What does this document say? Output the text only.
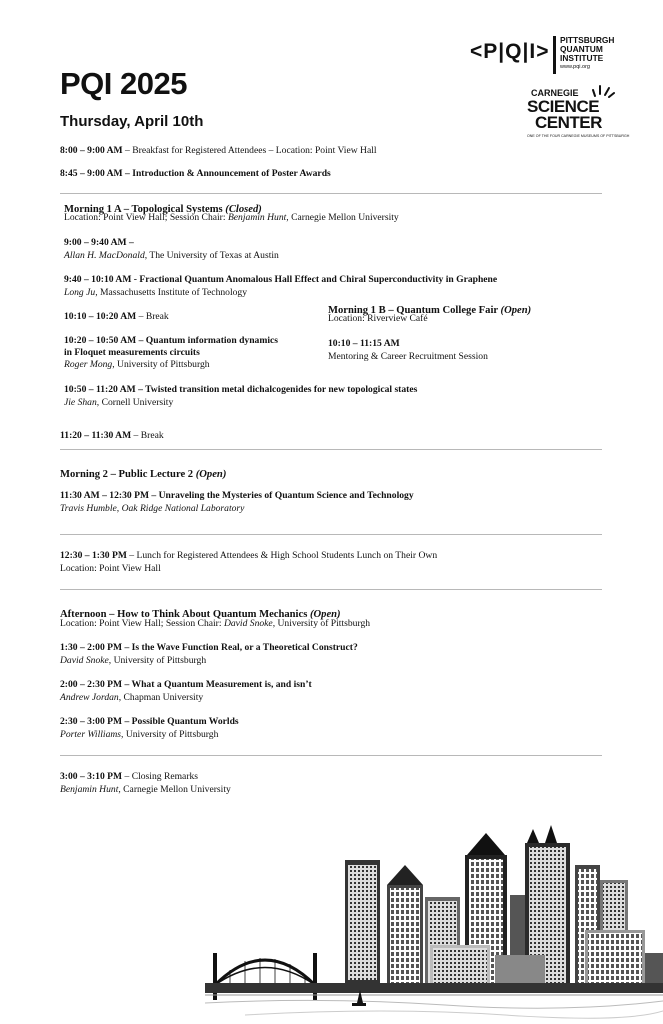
<P|Q|I> PITTSBURGH
QUANTUM
INSTITUTE
www.pqi.org
CARNEGIE
SCIENCE
CENTER
ONE OF THE FOUR CARNEGIE MUSEUMS OF PITTSBURGH
PQI 2025
Thursday, April 10th
8:00 – 9:00 AM – Breakfast for Registered Attendees – Location: Point View Hall
8:45 – 9:00 AM – Introduction & Announcement of Poster Awards
Morning 1 A – Topological Systems (Closed)
Location: Point View Hall; Session Chair: Benjamin Hunt, Carnegie Mellon University
9:00 – 9:40 AM –
Allan H. MacDonald, The University of Texas at Austin
9:40 – 10:10 AM - Fractional Quantum Anomalous Hall Effect and Chiral Superconductivity in Graphene
Long Ju, Massachusetts Institute of Technology
10:10 – 10:20 AM – Break
10:20 – 10:50 AM – Quantum information dynamics
in Floquet measurements circuits
Roger Mong, University of Pittsburgh
10:50 – 11:20 AM – Twisted transition metal dichalcogenides for new topological states
Jie Shan, Cornell University
Morning 1 B – Quantum College Fair (Open)
Location: Riverview Café
10:10 – 11:15 AM
Mentoring & Career Recruitment Session
11:20 – 11:30 AM – Break
Morning 2 – Public Lecture 2 (Open)
11:30 AM – 12:30 PM – Unraveling the Mysteries of Quantum Science and Technology
Travis Humble, Oak Ridge National Laboratory
12:30 – 1:30 PM – Lunch for Registered Attendees & High School Students Lunch on Their Own
Location: Point View Hall
Afternoon – How to Think About Quantum Mechanics (Open)
Location: Point View Hall; Session Chair: David Snoke, University of Pittsburgh
1:30 – 2:00 PM – Is the Wave Function Real, or a Theoretical Construct?
David Snoke, University of Pittsburgh
2:00 – 2:30 PM – What a Quantum Measurement is, and isn’t
Andrew Jordan, Chapman University
2:30 – 3:00 PM – Possible Quantum Worlds
Porter Williams, University of Pittsburgh
3:00 – 3:10 PM – Closing Remarks
Benjamin Hunt, Carnegie Mellon University
